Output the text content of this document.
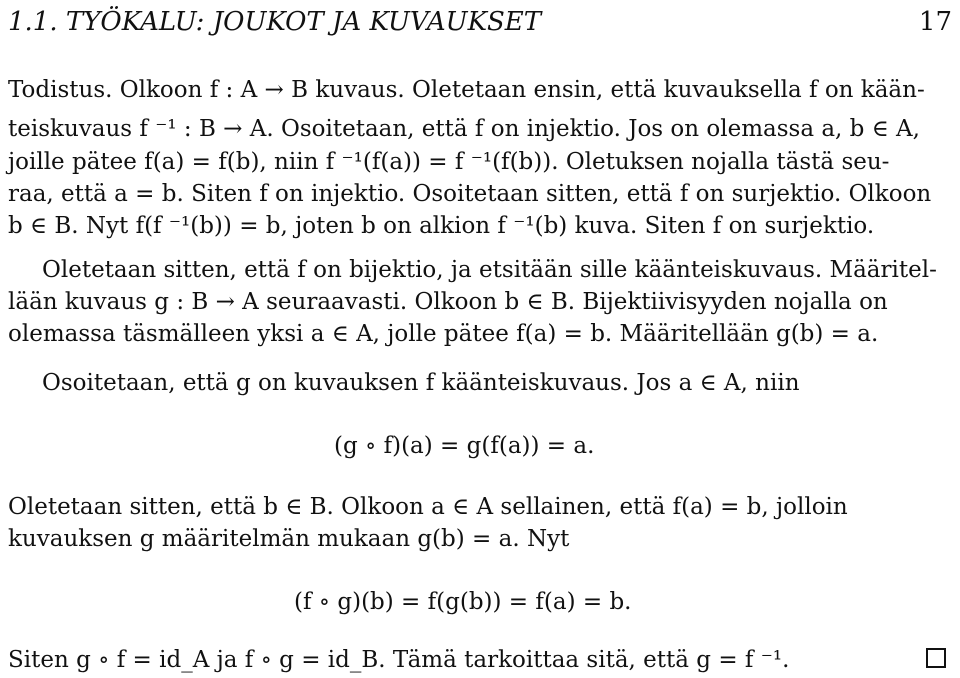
1.1. TYÖKALU: JOUKOT JA KUVAUKSET	17
Todistus. Olkoon f : A → B kuvaus. Oletetaan ensin, että kuvauksella f on kään-
teiskuvaus f ⁻¹ : B → A. Osoitetaan, että f on injektio. Jos on olemassa a, b ∈ A,
joille pätee f(a) = f(b), niin f ⁻¹(f(a)) = f ⁻¹(f(b)). Oletuksen nojalla tästä seu-
raa, että a = b. Siten f on injektio. Osoitetaan sitten, että f on surjektio. Olkoon
b ∈ B. Nyt f(f ⁻¹(b)) = b, joten b on alkion f ⁻¹(b) kuva. Siten f on surjektio.
Oletetaan sitten, että f on bijektio, ja etsitään sille käänteiskuvaus. Määritel-
lään kuvaus g : B → A seuraavasti. Olkoon b ∈ B. Bijektiivisyyden nojalla on
olemassa täsmälleen yksi a ∈ A, jolle pätee f(a) = b. Määritellään g(b) = a.
Osoitetaan, että g on kuvauksen f käänteiskuvaus. Jos a ∈ A, niin
(g ∘ f)(a) = g(f(a)) = a.
Oletetaan sitten, että b ∈ B. Olkoon a ∈ A sellainen, että f(a) = b, jolloin
kuvauksen g määritelmän mukaan g(b) = a. Nyt
(f ∘ g)(b) = f(g(b)) = f(a) = b.
Siten g ∘ f = id_A ja f ∘ g = id_B. Tämä tarkoittaa sitä, että g = f ⁻¹.
